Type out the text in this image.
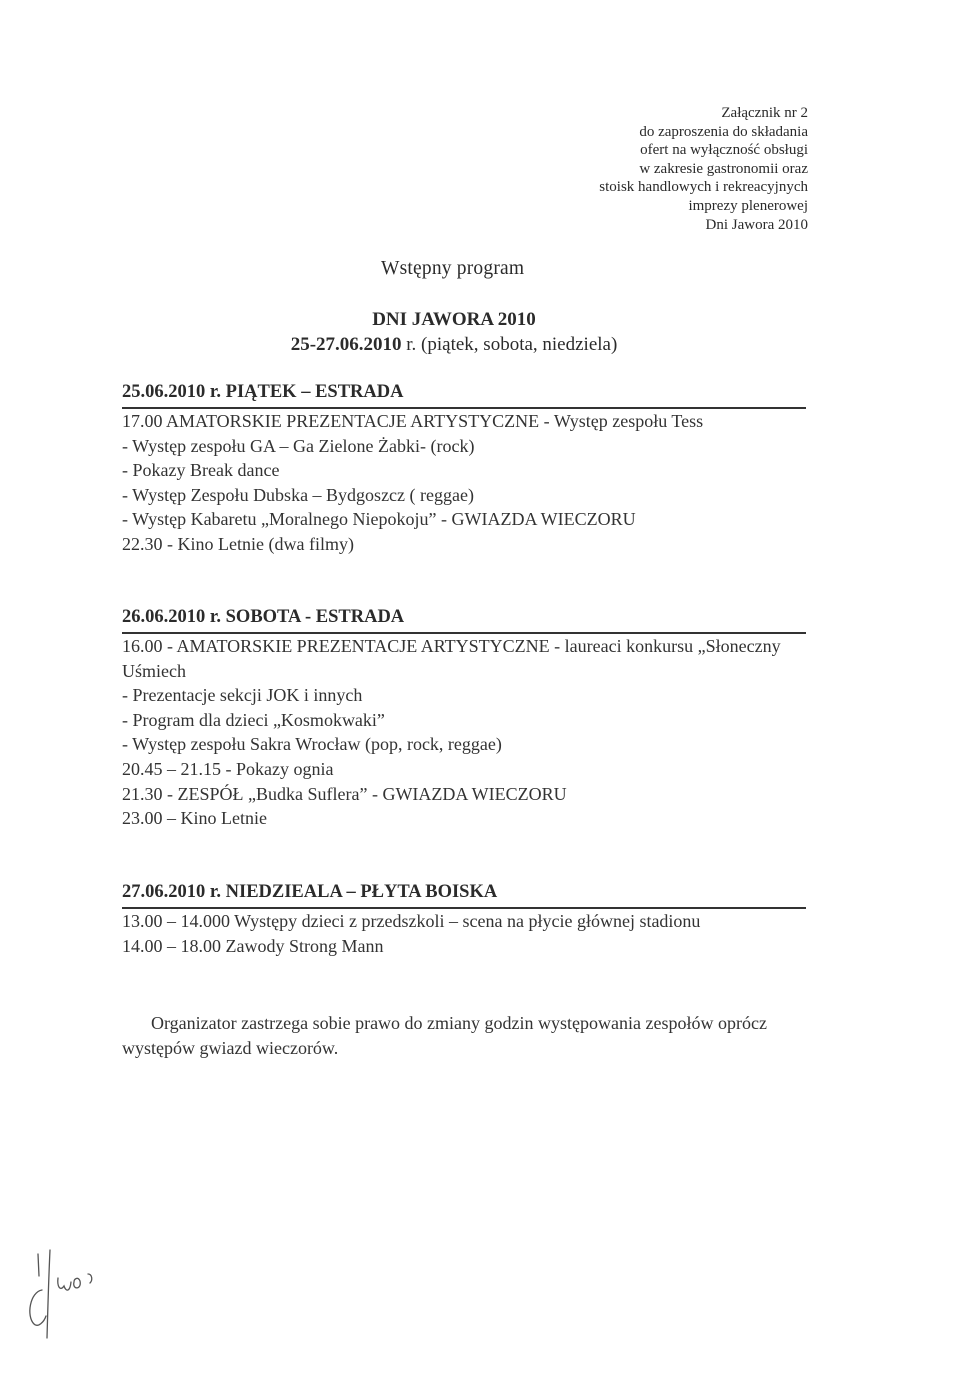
Załącznik nr 2
do zaproszenia do składania
ofert na wyłączność obsługi
w zakresie gastronomii oraz
stoisk handlowych i rekreacyjnych
imprezy plenerowej
Dni Jawora 2010
Wstępny program
DNI JAWORA 2010
25-27.06.2010 r. (piątek, sobota, niedziela)
25.06.2010 r. PIĄTEK – ESTRADA
17.00 AMATORSKIE PREZENTACJE ARTYSTYCZNE - Występ zespołu Tess
- Występ zespołu GA – Ga Zielone Żabki- (rock)
- Pokazy Break dance
- Występ Zespołu Dubska – Bydgoszcz ( reggae)
- Występ Kabaretu „Moralnego Niepokoju” - GWIAZDA WIECZORU
22.30 - Kino Letnie (dwa filmy)
26.06.2010 r. SOBOTA - ESTRADA
16.00 - AMATORSKIE PREZENTACJE ARTYSTYCZNE - laureaci konkursu „Słoneczny
Uśmiech
- Prezentacje sekcji JOK i innych
- Program dla dzieci „Kosmokwaki”
- Występ zespołu Sakra Wrocław (pop, rock, reggae)
20.45 – 21.15 - Pokazy ognia
21.30 - ZESPÓŁ „Budka Suflera” - GWIAZDA WIECZORU
23.00 – Kino Letnie
27.06.2010 r. NIEDZIEALA – PŁYTA BOISKA
13.00 – 14.000 Występy dzieci z przedszkoli – scena na płycie głównej stadionu
14.00 – 18.00 Zawody Strong Mann
Organizator zastrzega sobie prawo do zmiany godzin występowania zespołów oprócz
występów gwiazd wieczorów.
